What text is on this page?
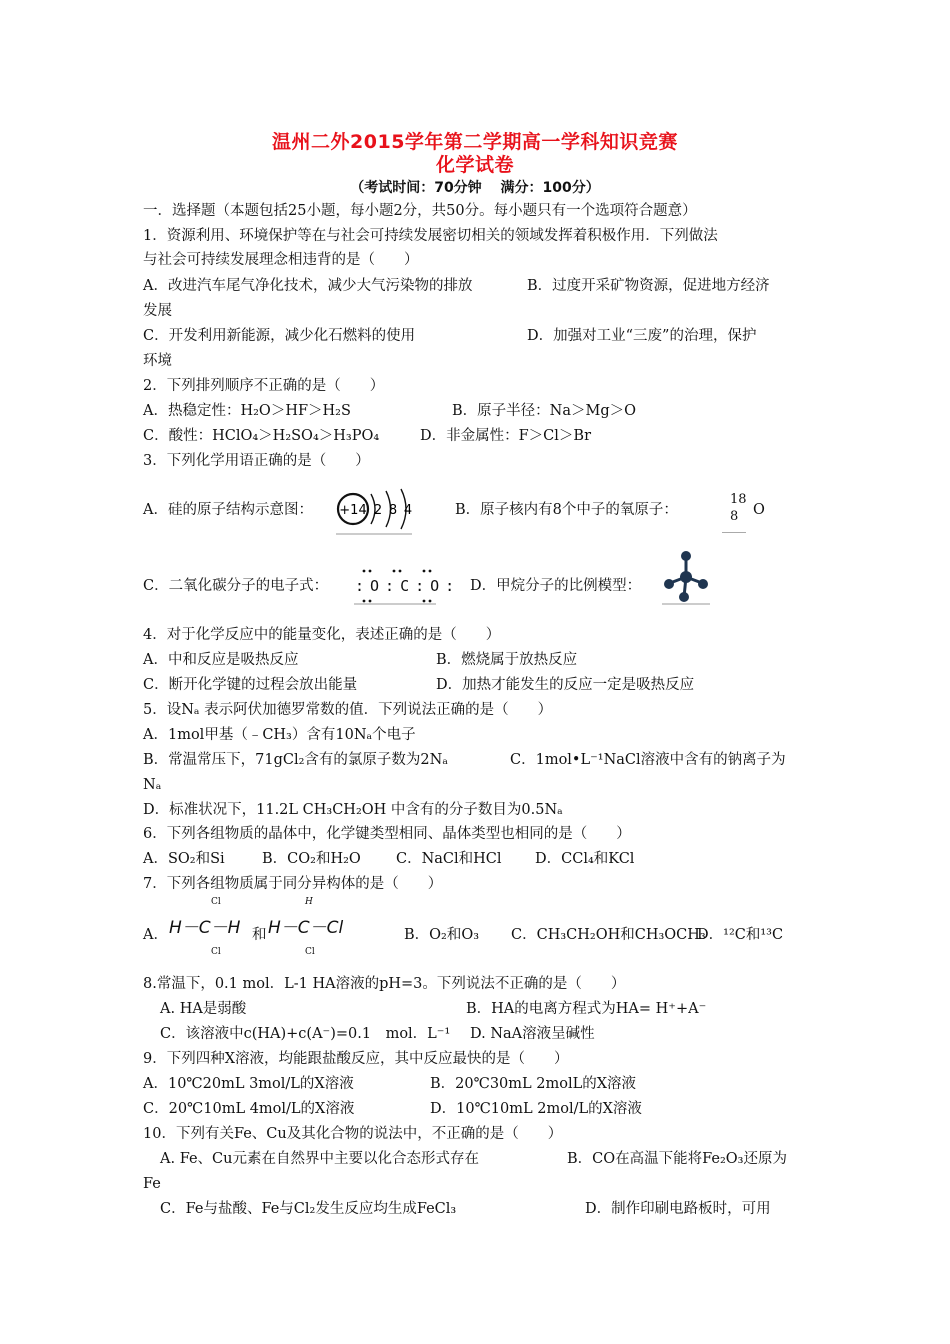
温州二外2015学年第二学期高一学科知识竞赛
化学试卷
（考试时间：70分钟　 满分：100分）
一．选择题（本题包括25小题，每小题2分，共50分。每小题只有一个选项符合题意）
1．资源利用、环境保护等在与社会可持续发展密切相关的领域发挥着积极作用．下列做法
与社会可持续发展理念相违背的是（　　）
A．改进汽车尾气净化技术，减少大气污染物的排放	B．过度开采矿物资源，促进地方经济
发展
C．开发利用新能源，减少化石燃料的使用	D．加强对工业“三废”的治理，保护
环境
2．下列排列顺序不正确的是（　　）
A．热稳定性：H₂O＞HF＞H₂S	B．原子半径：Na＞Mg＞O
C．酸性：HClO₄＞H₂SO₄＞H₃PO₄	D．非金属性：F＞Cl＞Br
3．下列化学用语正确的是（　　）
A．硅的原子结构示意图： +14 2 8 4	B．原子核内有8个中子的氧原子：
18
8 O
C．二氧化碳分子的电子式： :O:C:O: D．甲烷分子的比例模型：
4．对于化学反应中的能量变化，表述正确的是（　　）
A．中和反应是吸热反应	B．燃烧属于放热反应
C．断开化学键的过程会放出能量	D．加热才能发生的反应一定是吸热反应
5．设Nₐ 表示阿伏加德罗常数的值．下列说法正确的是（　　）
A．1mol甲基（﹣CH₃）含有10Nₐ个电子
B．常温常压下，71gCl₂含有的氯原子数为2Nₐ	C．1mol•L⁻¹NaCl溶液中含有的钠离子为
Nₐ
D．标准状况下，11.2L CH₃CH₂OH 中含有的分子数目为0.5Nₐ
6．下列各组物质的晶体中，化学键类型相同、晶体类型也相同的是（　　）
A．SO₂和Si	B．CO₂和H₂O C．NaCl和HCl D．CCl₄和KCl
7．下列各组物质属于同分异构体的是（　　）
A．
Cl
H－C－H
Cl
和
H
H－C－Cl
Cl
B．O₂和O₃ C．CH₃CH₂OH和CH₃OCH₃
D．¹²C和¹³C
8.常温下，0.1 mol．L-1 HA溶液的pH=3。下列说法不正确的是（　　）
A. HA是弱酸	B．HA的电离方程式为HA= H⁺+A⁻
C．该溶液中c(HA)+c(A⁻)=0.1　mol．L⁻¹ D. NaA溶液呈碱性
9．下列四种X溶液，均能跟盐酸反应，其中反应最快的是（　　）
A．10℃20mL 3mol/L的X溶液	B．20℃30mL 2molL的X溶液
C．20℃10mL 4mol/L的X溶液	D．10℃10mL 2mol/L的X溶液
10．下列有关Fe、Cu及其化合物的说法中，不正确的是（　　）
A. Fe、Cu元素在自然界中主要以化合态形式存在	B．CO在高温下能将Fe₂O₃还原为
Fe
C．Fe与盐酸、Fe与Cl₂发生反应均生成FeCl₃	D．制作印刷电路板时，可用
